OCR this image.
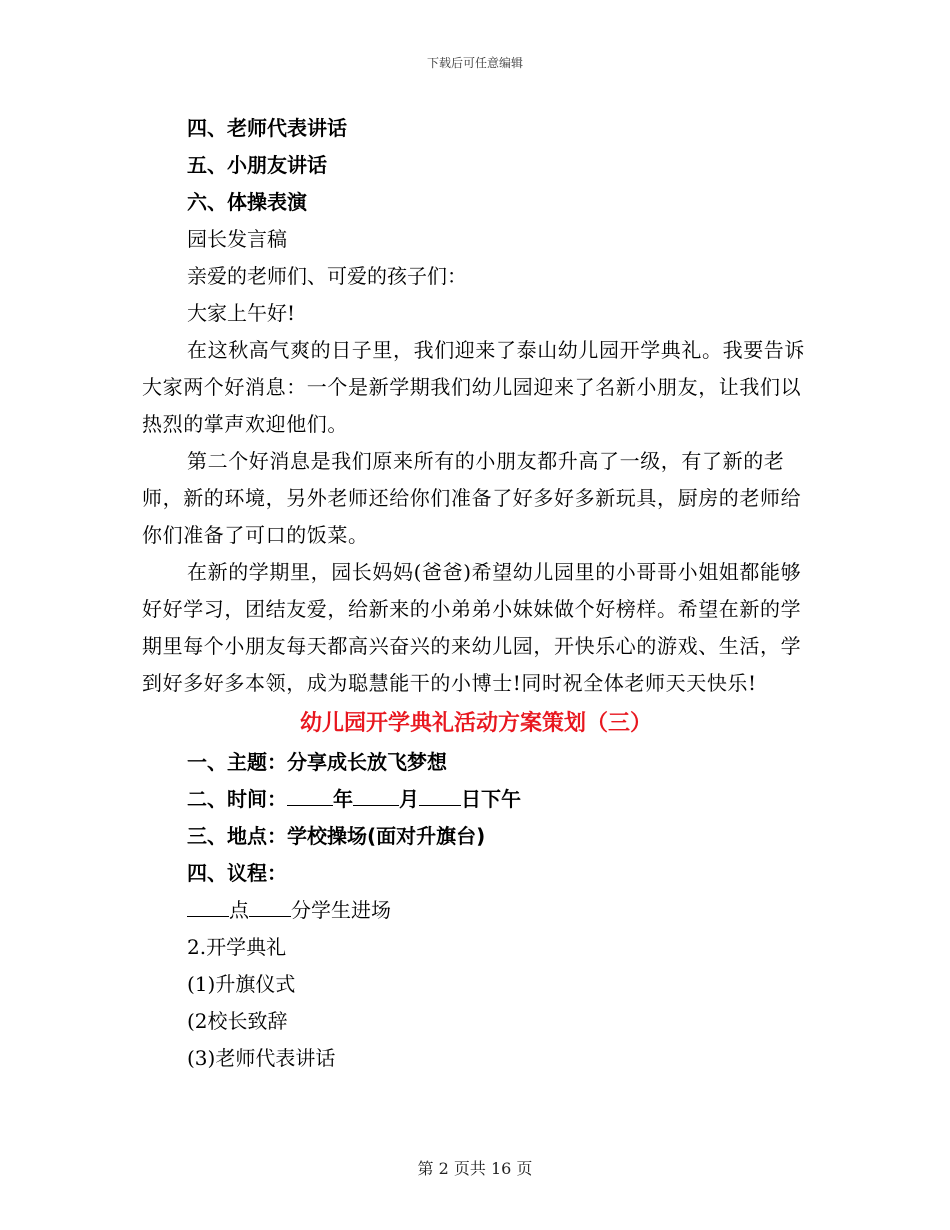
下载后可任意编辑
四、老师代表讲话
五、小朋友讲话
六、体操表演
园长发言稿
亲爱的老师们、可爱的孩子们：
大家上午好!
在这秋高气爽的日子里，我们迎来了泰山幼儿园开学典礼。我要告诉大家两个好消息：一个是新学期我们幼儿园迎来了名新小朋友，让我们以热烈的掌声欢迎他们。
第二个好消息是我们原来所有的小朋友都升高了一级，有了新的老师，新的环境，另外老师还给你们准备了好多好多新玩具，厨房的老师给你们准备了可口的饭菜。
在新的学期里，园长妈妈(爸爸)希望幼儿园里的小哥哥小姐姐都能够好好学习，团结友爱，给新来的小弟弟小妹妹做个好榜样。希望在新的学期里每个小朋友每天都高兴奋兴的来幼儿园，开快乐心的游戏、生活，学到好多好多本领，成为聪慧能干的小博士!同时祝全体老师天天快乐!
幼儿园开学典礼活动方案策划（三）
一、主题：分享成长放飞梦想
二、时间： 年 月 日下午
三、地点：学校操场(面对升旗台)
四、议程：
点 分学生进场
2.开学典礼
(1)升旗仪式
(2校长致辞
(3)老师代表讲话
第 2 页共 16 页
